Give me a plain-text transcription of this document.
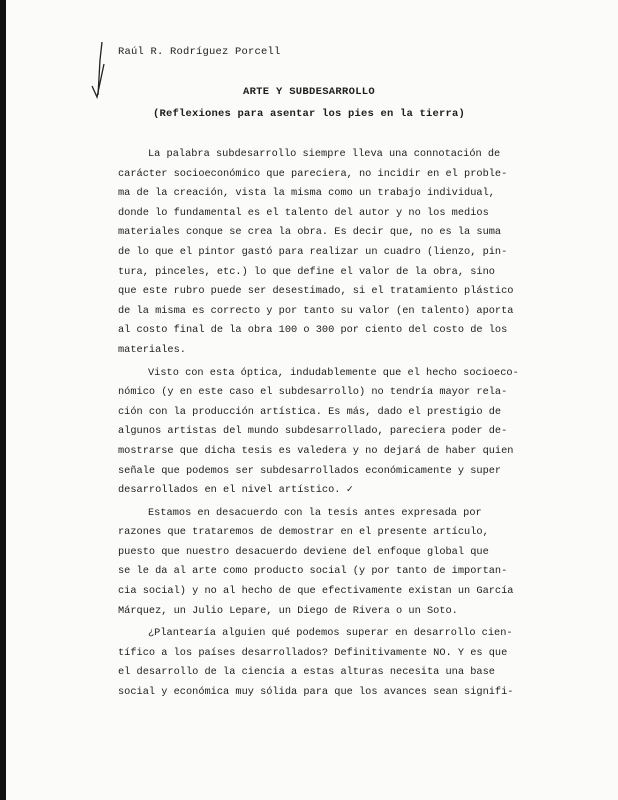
Raúl R. Rodríguez Porcell
ARTE Y SUBDESARROLLO
(Reflexiones para asentar los pies en la tierra)
La palabra subdesarrollo siempre lleva una connotación de
carácter socioeconómico que pareciera, no incidir en el proble-
ma de la creación, vista la misma como un trabajo individual,
donde lo fundamental es el talento del autor y no los medios
materiales conque se crea la obra. Es decir que, no es la suma
de lo que el pintor gastó para realizar un cuadro (lienzo, pin-
tura, pinceles, etc.) lo que define el valor de la obra, sino
que este rubro puede ser desestimado, si el tratamiento plástico
de la misma es correcto y por tanto su valor (en talento) aporta
al costo final de la obra 100 o 300 por ciento del costo de los
materiales.
Visto con esta óptica, indudablemente que el hecho socioeco-
nómico (y en este caso el subdesarrollo) no tendría mayor rela-
ción con la producción artística. Es más, dado el prestigio de
algunos artistas del mundo subdesarrollado, pareciera poder de-
mostrarse que dicha tesis es valedera y no dejará de haber quien
señale que podemos ser subdesarrollados económicamente y super
desarrollados en el nivel artístico. ✓
Estamos en desacuerdo con la tesis antes expresada por
razones que trataremos de demostrar en el presente artículo,
puesto que nuestro desacuerdo deviene del enfoque global que
se le da al arte como producto social (y por tanto de importan-
cia social) y no al hecho de que efectivamente existan un García
Márquez, un Julio Lepare, un Diego de Rivera o un Soto.
¿Plantearía alguien qué podemos superar en desarrollo cien-
tífico a los países desarrollados? Definitivamente NO. Y es que
el desarrollo de la ciencia a estas alturas necesita una base
social y económica muy sólida para que los avances sean signifi-
